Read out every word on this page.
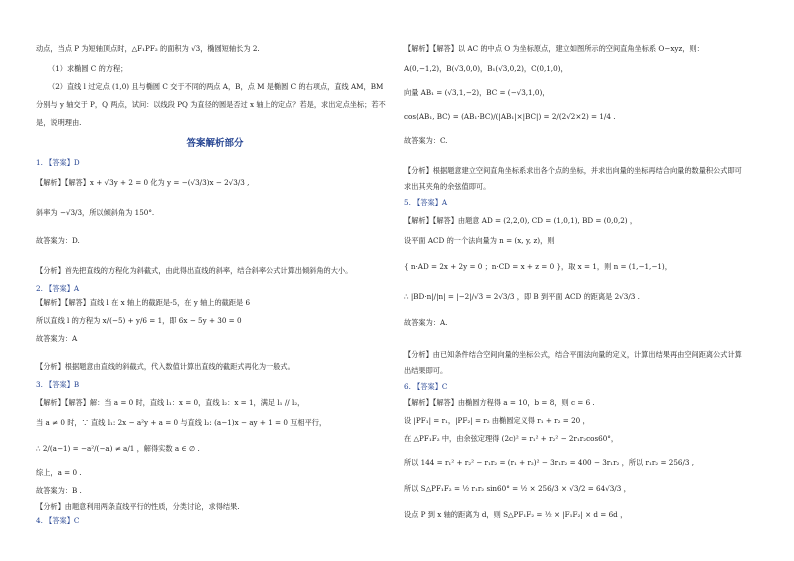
动点，当点 P 为短轴顶点时，△F₁PF₂ 的面积为 √3，椭圆短轴长为 2.
（1）求椭圆 C 的方程；
（2）直线 l 过定点 (1,0) 且与椭圆 C 交于不同的两点 A，B，点 M 是椭圆 C 的右项点，直线 AM，BM
分别与 y 轴交于 P，Q 两点，试问：以线段 PQ 为直径的圆是否过 x 轴上的定点？若是，求出定点坐标；若不
是，说明理由.
答案解析部分
1. 【答案】D
【解析】【解答】x + √3y + 2 = 0 化为 y = −(√3/3)x − 2√3/3 ,
斜率为 −√3/3，所以倾斜角为 150°.
故答案为：D.
【分析】首先把直线的方程化为斜截式，由此得出直线的斜率，结合斜率公式计算出倾斜角的大小。
2. 【答案】A
【解析】【解答】直线 l 在 x 轴上的截距是-5，在 y 轴上的截距是 6
所以直线 l 的方程为 x/(−5) + y/6 = 1，即 6x − 5y + 30 = 0
故答案为：A
【分析】根据题意由直线的斜截式，代入数值计算出直线的截距式再化为一般式。
3. 【答案】B
【解析】【解答】解：当 a = 0 时，直线 l₁：x = 0，直线 l₂：x = 1，满足 l₁ // l₂，
当 a ≠ 0 时，∵ 直线 l₁: 2x − a²y + a = 0 与直线 l₂: (a−1)x − ay + 1 = 0 互相平行，
∴ 2/(a−1) = −a²/(−a) ≠ a/1 ，解得实数 a ∈ ∅ .
综上，a = 0 .
故答案为：B .
【分析】由题意利用两条直线平行的性质，分类讨论，求得结果.
4. 【答案】C
【解析】【解答】以 AC 的中点 O 为坐标原点，建立如图所示的空间直角坐标系 O−xyz，则：
A(0,−1,2)，B(√3,0,0)，B₁(√3,0,2)，C(0,1,0)，
向量 AB₁ = (√3,1,−2)，BC = (−√3,1,0)，
cos⟨AB₁, BC⟩ = (AB₁·BC)/(|AB₁|×|BC|) = 2/(2√2×2) = 1/4 .
故答案为：C.
【分析】根据题意建立空间直角坐标系求出各个点的坐标，并求出向量的坐标再结合向量的数量积公式即可
求出其夹角的余弦值即可。
5. 【答案】A
【解析】【解答】由题意 AD = (2,2,0), CD = (1,0,1), BD = (0,0,2) ，
设平面 ACD 的一个法向量为 n = (x, y, z)，则
{ n·AD = 2x + 2y = 0 ；n·CD = x + z = 0 }，取 x = 1，则 n = (1,−1,−1)，
∴ |BD·n|/|n| = |−2|/√3 = 2√3/3 ，即 B 到平面 ACD 的距离是 2√3/3 .
故答案为：A.
【分析】由已知条件结合空间向量的坐标公式，结合平面法向量的定义，计算出结果再由空间距离公式计算
出结果即可。
6. 【答案】C
【解析】【解答】由椭圆方程得 a = 10，b = 8，则 c = 6 .
设 |PF₁| = r₁，|PF₂| = r₂ 由椭圆定义得 r₁ + r₂ = 20 ，
在 △PF₁F₂ 中，由余弦定理得 (2c)² = r₁² + r₂² − 2r₁r₂cos60°，
所以 144 = r₁² + r₂² − r₁r₂ = (r₁ + r₂)² − 3r₁r₂ = 400 − 3r₁r₂ ，所以 r₁r₂ = 256/3 ,
所以 S△PF₁F₂ = ½ r₁r₂ sin60° = ½ × 256/3 × √3/2 = 64√3/3 ，
设点 P 到 x 轴的距离为 d，则 S△PF₁F₂ = ½ × |F₁F₂| × d = 6d ，
